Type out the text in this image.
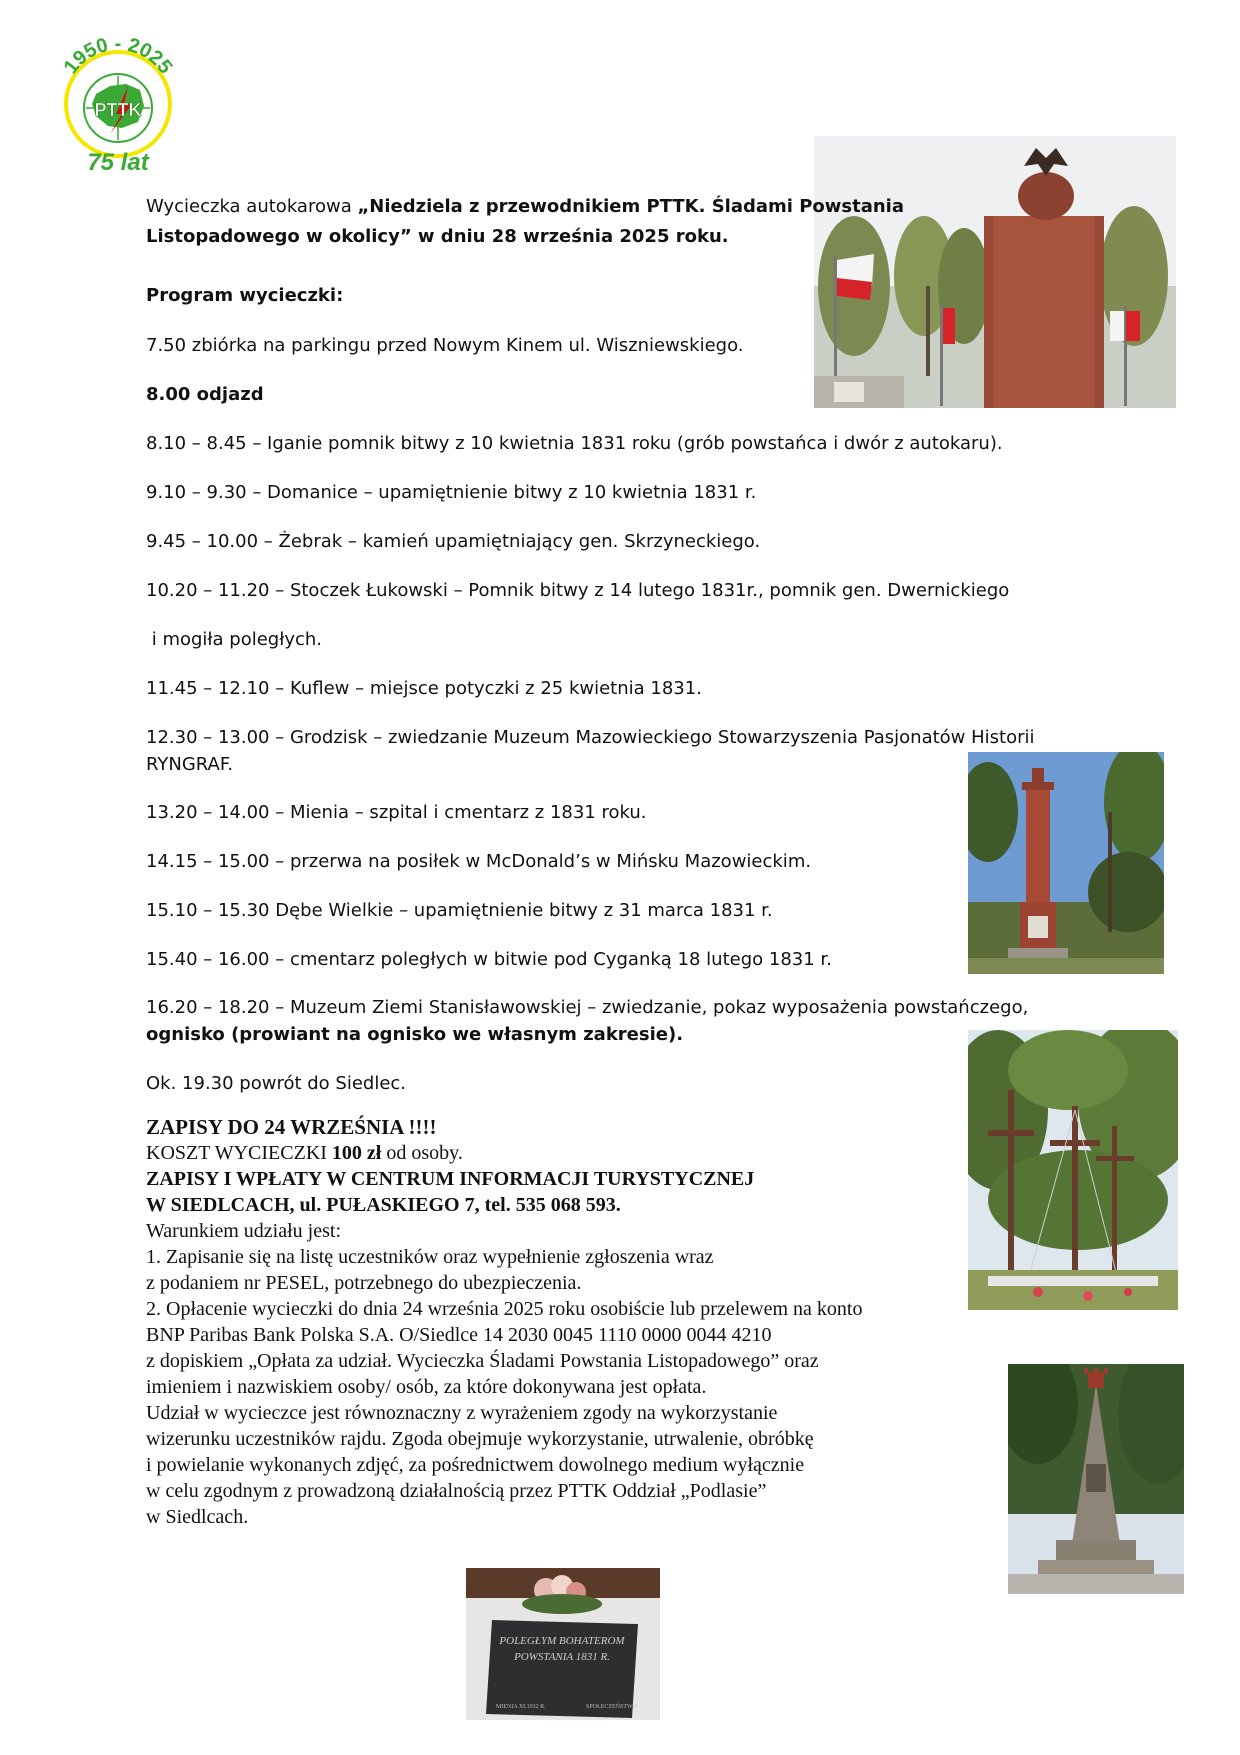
1950 - 2025
PTTK
75 lat

Wycieczka autokarowa „Niedziela z przewodnikiem PTTK. Śladami Powstania

Listopadowego w okolicy” w dniu 28 września 2025 roku.

Program wycieczki:

7.50 zbiórka na parkingu przed Nowym Kinem ul. Wiszniewskiego.

8.00 odjazd

8.10 – 8.45 – Iganie pomnik bitwy z 10 kwietnia 1831 roku (grób powstańca i dwór z autokaru).

9.10 – 9.30 – Domanice – upamiętnienie bitwy z 10 kwietnia 1831 r.

9.45 – 10.00 – Żebrak – kamień upamiętniający gen. Skrzyneckiego.

10.20 – 11.20 – Stoczek Łukowski – Pomnik bitwy z 14 lutego 1831r., pomnik gen. Dwernickiego

i mogiła poległych.

11.45 – 12.10 – Kuflew – miejsce potyczki z 25 kwietnia 1831.

12.30 – 13.00 – Grodzisk – zwiedzanie Muzeum Mazowieckiego Stowarzyszenia Pasjonatów Historii

RYNGRAF.

13.20 – 14.00 – Mienia – szpital i cmentarz z 1831 roku.

14.15 – 15.00 – przerwa na posiłek w McDonald’s w Mińsku Mazowieckim.

15.10 – 15.30 Dębe Wielkie – upamiętnienie bitwy z 31 marca 1831 r.

15.40 – 16.00 – cmentarz poległych w bitwie pod Cyganką 18 lutego 1831 r.

16.20 – 18.20 – Muzeum Ziemi Stanisławowskiej – zwiedzanie, pokaz wyposażenia powstańczego,

ognisko (prowiant na ognisko we własnym zakresie).

Ok. 19.30 powrót do Siedlec.

ZAPISY DO 24 WRZEŚNIA !!!!

KOSZT WYCIECZKI 100 zł od osoby.

ZAPISY I WPŁATY W CENTRUM INFORMACJI TURYSTYCZNEJ

W SIEDLCACH, ul. PUŁASKIEGO 7, tel. 535 068 593.

Warunkiem udziału jest:

1. Zapisanie się na listę uczestników oraz wypełnienie zgłoszenia wraz

z podaniem nr PESEL, potrzebnego do ubezpieczenia.

2. Opłacenie wycieczki do dnia 24 września 2025 roku osobiście lub przelewem na konto

BNP Paribas Bank Polska S.A. O/Siedlce 14 2030 0045 1110 0000 0044 4210

z dopiskiem „Opłata za udział. Wycieczka Śladami Powstania Listopadowego” oraz

imieniem i nazwiskiem osoby/ osób, za które dokonywana jest opłata.

Udział w wycieczce jest równoznaczny z wyrażeniem zgody na wykorzystanie

wizerunku uczestników rajdu. Zgoda obejmuje wykorzystanie, utrwalenie, obróbkę

i powielanie wykonanych zdjęć, za pośrednictwem dowolnego medium wyłącznie

w celu zgodnym z prowadzoną działalnością przez PTTK Oddział „Podlasie”

w Siedlcach.

POLEGŁYM BOHATEROM
POWSTANIA 1831 R.
MIENIA XI.1932 R.	SPOŁECZEŃSTWO
